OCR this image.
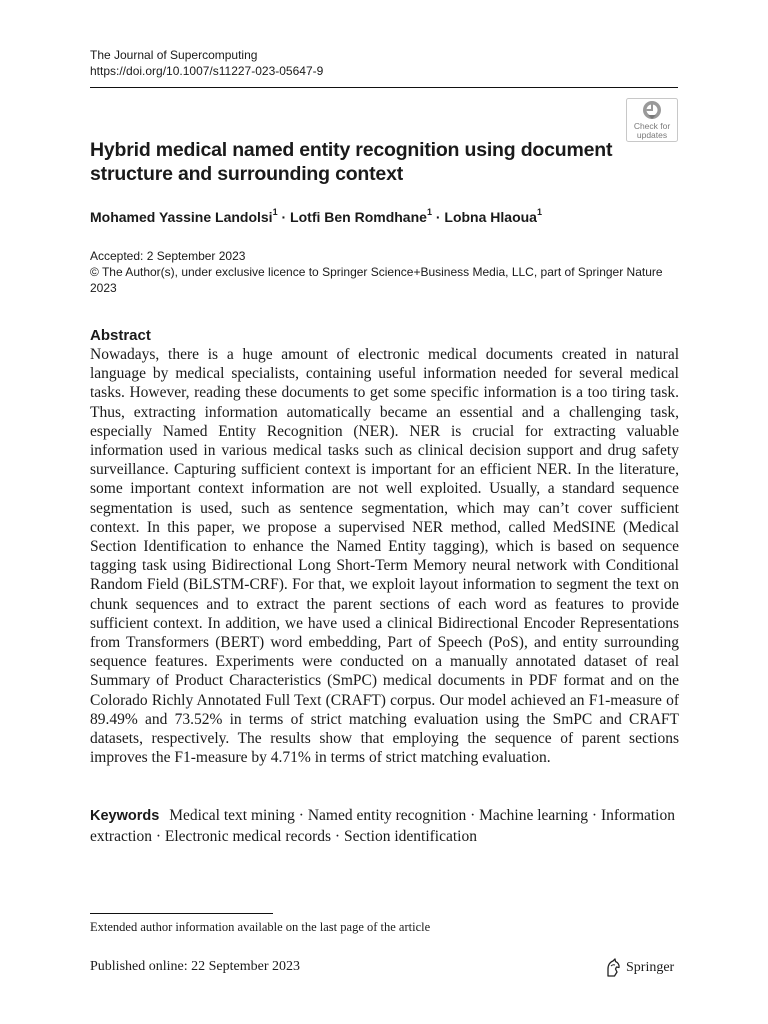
The Journal of Supercomputing
https://doi.org/10.1007/s11227-023-05647-9
Check for
updates
Hybrid medical named entity recognition using document structure and surrounding context
Mohamed Yassine Landolsi$^1$ · Lotfi Ben Romdhane$^1$ · Lobna Hlaoua$^1$
Accepted: 2 September 2023
© The Author(s), under exclusive licence to Springer Science+Business Media, LLC, part of Springer Nature 2023
Abstract
Nowadays, there is a huge amount of electronic medical documents created in natural language by medical specialists, containing useful information needed for several medical tasks. However, reading these documents to get some specific information is a too tiring task. Thus, extracting information automatically became an essential and a challenging task, especially Named Entity Recognition (NER). NER is crucial for extracting valuable information used in various medical tasks such as clinical decision support and drug safety surveillance. Capturing sufficient context is important for an efficient NER. In the literature, some important context information are not well exploited. Usually, a standard sequence segmentation is used, such as sentence segmentation, which may can’t cover sufficient context. In this paper, we propose a supervised NER method, called MedSINE (Medical Section Identification to enhance the Named Entity tagging), which is based on sequence tagging task using Bidirectional Long Short-Term Memory neural network with Conditional Random Field (BiLSTM-CRF). For that, we exploit layout information to segment the text on chunk sequences and to extract the parent sections of each word as features to provide sufficient context. In addition, we have used a clinical Bidirectional Encoder Representations from Transformers (BERT) word embedding, Part of Speech (PoS), and entity surrounding sequence features. Experiments were conducted on a manually annotated dataset of real Summary of Product Characteristics (SmPC) medical documents in PDF format and on the Colorado Richly Annotated Full Text (CRAFT) corpus. Our model achieved an F1-measure of 89.49% and 73.52% in terms of strict matching evaluation using the SmPC and CRAFT datasets, respectively. The results show that employing the sequence of parent sections improves the F1-measure by 4.71% in terms of strict matching evaluation.
Keywords Medical text mining · Named entity recognition · Machine learning · Information extraction · Electronic medical records · Section identification
Extended author information available on the last page of the article
Published online: 22 September 2023	Springer
